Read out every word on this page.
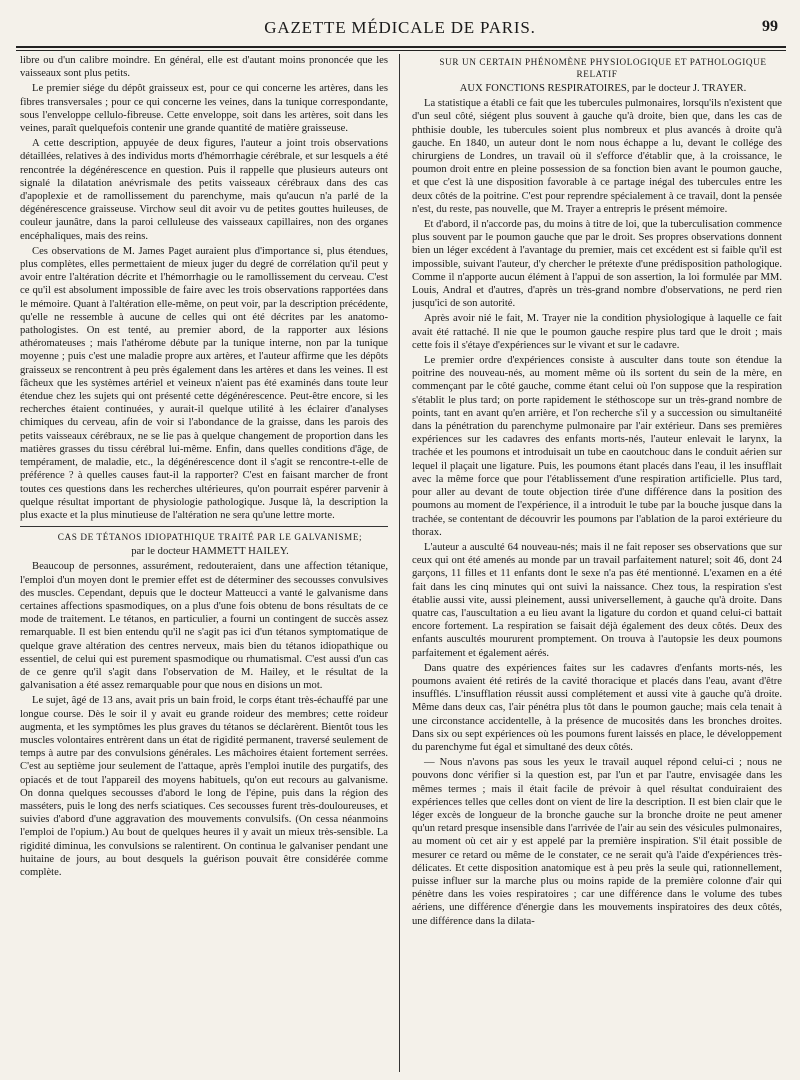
GAZETTE MÉDICALE DE PARIS.	99

libre ou d'un calibre moindre. En général, elle est d'autant moins prononcée que les vaisseaux sont plus petits.

Le premier siége du dépôt graisseux est, pour ce qui concerne les artères, dans les fibres transversales ; pour ce qui concerne les veines, dans la tunique correspondante, sous l'enveloppe cellulo-fibreuse. Cette enveloppe, soit dans les artères, soit dans les veines, paraît quelquefois contenir une grande quantité de matière graisseuse.

A cette description, appuyée de deux figures, l'auteur a joint trois observations détaillées, relatives à des individus morts d'hémorrhagie cérébrale, et sur lesquels a été rencontrée la dégénérescence en question. Puis il rappelle que plusieurs auteurs ont signalé la dilatation anévrismale des petits vaisseaux cérébraux dans des cas d'apoplexie et de ramollissement du parenchyme, mais qu'aucun n'a parlé de la dégénérescence graisseuse. Virchow seul dit avoir vu de petites gouttes huileuses, de couleur jaunâtre, dans la paroi celluleuse des vaisseaux capillaires, non des organes encéphaliques, mais des reins.

Ces observations de M. James Paget auraient plus d'importance si, plus étendues, plus complètes, elles permettaient de mieux juger du degré de corrélation qu'il peut y avoir entre l'altération décrite et l'hémorrhagie ou le ramollissement du cerveau. C'est ce qu'il est absolument impossible de faire avec les trois observations rapportées dans le mémoire. Quant à l'altération elle-même, on peut voir, par la description précédente, qu'elle ne ressemble à aucune de celles qui ont été décrites par les anatomo-pathologistes. On est tenté, au premier abord, de la rapporter aux lésions athéromateuses ; mais l'athérome débute par la tunique interne, non par la tunique moyenne ; puis c'est une maladie propre aux artères, et l'auteur affirme que les dépôts graisseux se rencontrent à peu près également dans les artères et dans les veines. Il est fâcheux que les systèmes artériel et veineux n'aient pas été examinés dans toute leur étendue chez les sujets qui ont présenté cette dégénérescence. Peut-être encore, si les recherches étaient continuées, y aurait-il quelque utilité à les éclairer d'analyses chimiques du cerveau, afin de voir si l'abondance de la graisse, dans les parois des petits vaisseaux cérébraux, ne se lie pas à quelque changement de proportion dans les matières grasses du tissu cérébral lui-même. Enfin, dans quelles conditions d'âge, de tempérament, de maladie, etc., la dégénérescence dont il s'agit se rencontre-t-elle de préférence ? à quelles causes faut-il la rapporter? C'est en faisant marcher de front toutes ces questions dans les recherches ultérieures, qu'on pourrait espérer parvenir à quelque résultat important de physiologie pathologique. Jusque là, la description la plus exacte et la plus minutieuse de l'altération ne sera qu'une lettre morte.

CAS DE TÉTANOS IDIOPATHIQUE TRAITÉ PAR LE GALVANISME;

par le docteur HAMMETT HAILEY.

Beaucoup de personnes, assurément, redouteraient, dans une affection tétanique, l'emploi d'un moyen dont le premier effet est de déterminer des secousses convulsives des muscles. Cependant, depuis que le docteur Matteucci a vanté le galvanisme dans certaines affections spasmodiques, on a plus d'une fois obtenu de bons résultats de ce mode de traitement. Le tétanos, en particulier, a fourni un contingent de succès assez remarquable. Il est bien entendu qu'il ne s'agit pas ici d'un tétanos symptomatique de quelque grave altération des centres nerveux, mais bien du tétanos idiopathique ou essentiel, de celui qui est purement spasmodique ou rhumatismal. C'est aussi d'un cas de ce genre qu'il s'agit dans l'observation de M. Hailey, et le résultat de la galvanisation a été assez remarquable pour que nous en disions un mot.

Le sujet, âgé de 13 ans, avait pris un bain froid, le corps étant très-échauffé par une longue course. Dès le soir il y avait eu grande roideur des membres; cette roideur augmenta, et les symptômes les plus graves du tétanos se déclarèrent. Bientôt tous les muscles volontaires entrèrent dans un état de rigidité permanent, traversé seulement de temps à autre par des convulsions générales. Les mâchoires étaient fortement serrées. C'est au septième jour seulement de l'attaque, après l'emploi inutile des purgatifs, des opiacés et de tout l'appareil des moyens habituels, qu'on eut recours au galvanisme. On donna quelques secousses d'abord le long de l'épine, puis dans la région des masséters, puis le long des nerfs sciatiques. Ces secousses furent très-douloureuses, et suivies d'abord d'une aggravation des mouvements convulsifs. (On cessa néanmoins l'emploi de l'opium.) Au bout de quelques heures il y avait un mieux très-sensible. La rigidité diminua, les convulsions se ralentirent. On continua le galvaniser pendant une huitaine de jours, au bout desquels la guérison pouvait être considérée comme complète.

SUR UN CERTAIN PHÉNOMÈNE PHYSIOLOGIQUE ET PATHOLOGIQUE RELATIF

AUX FONCTIONS RESPIRATOIRES, par le docteur J. TRAYER.

La statistique a établi ce fait que les tubercules pulmonaires, lorsqu'ils n'existent que d'un seul côté, siégent plus souvent à gauche qu'à droite, bien que, dans les cas de phthisie double, les tubercules soient plus nombreux et plus avancés à droite qu'à gauche. En 1840, un auteur dont le nom nous échappe a lu, devant le collége des chirurgiens de Londres, un travail où il s'efforce d'établir que, à la croissance, le poumon droit entre en pleine possession de sa fonction bien avant le poumon gauche, et que c'est là une disposition favorable à ce partage inégal des tubercules entre les deux côtés de la poitrine. C'est pour reprendre spécialement à ce travail, dont la pensée n'est, du reste, pas nouvelle, que M. Trayer a entrepris le présent mémoire.

Et d'abord, il n'accorde pas, du moins à titre de loi, que la tuberculisation commence plus souvent par le poumon gauche que par le droit. Ses propres observations donnent bien un léger excédent à l'avantage du premier, mais cet excédent est si faible qu'il est impossible, suivant l'auteur, d'y chercher le prétexte d'une prédisposition pathologique. Comme il n'apporte aucun élément à l'appui de son assertion, la loi formulée par MM. Louis, Andral et d'autres, d'après un très-grand nombre d'observations, ne perd rien jusqu'ici de son autorité.

Après avoir nié le fait, M. Trayer nie la condition physiologique à laquelle ce fait avait été rattaché. Il nie que le poumon gauche respire plus tard que le droit ; mais cette fois il s'étaye d'expériences sur le vivant et sur le cadavre.

Le premier ordre d'expériences consiste à ausculter dans toute son étendue la poitrine des nouveau-nés, au moment même où ils sortent du sein de la mère, en commençant par le côté gauche, comme étant celui où l'on suppose que la respiration s'établit le plus tard; on porte rapidement le stéthoscope sur un très-grand nombre de points, tant en avant qu'en arrière, et l'on recherche s'il y a succession ou simultanéité dans la pénétration du parenchyme pulmonaire par l'air extérieur. Dans ses premières expériences sur les cadavres des enfants morts-nés, l'auteur enlevait le larynx, la trachée et les poumons et introduisait un tube en caoutchouc dans le conduit aérien sur lequel il plaçait une ligature. Puis, les poumons étant placés dans l'eau, il les insufflait avec la même force que pour l'établissement d'une respiration artificielle. Plus tard, pour aller au devant de toute objection tirée d'une différence dans la position des poumons au moment de l'expérience, il a introduit le tube par la bouche jusque dans la trachée, se contentant de découvrir les poumons par l'ablation de la paroi extérieure du thorax.

L'auteur a ausculté 64 nouveau-nés; mais il ne fait reposer ses observations que sur ceux qui ont été amenés au monde par un travail parfaitement naturel; soit 46, dont 24 garçons, 11 filles et 11 enfants dont le sexe n'a pas été mentionné. L'examen en a été fait dans les cinq minutes qui ont suivi la naissance. Chez tous, la respiration s'est établie aussi vite, aussi pleinement, aussi universellement, à gauche qu'à droite. Dans quatre cas, l'auscultation a eu lieu avant la ligature du cordon et quand celui-ci battait encore fortement. La respiration se faisait déjà également des deux côtés. Deux des enfants auscultés moururent promptement. On trouva à l'autopsie les deux poumons parfaitement et également aérés.

Dans quatre des expériences faites sur les cadavres d'enfants morts-nés, les poumons avaient été retirés de la cavité thoracique et placés dans l'eau, avant d'être insufflés. L'insufflation réussit aussi complétement et aussi vite à gauche qu'à droite. Même dans deux cas, l'air pénétra plus tôt dans le poumon gauche; mais cela tenait à une circonstance accidentelle, à la présence de mucosités dans les bronches droites. Dans six ou sept expériences où les poumons furent laissés en place, le développement du parenchyme fut égal et simultané des deux côtés.

— Nous n'avons pas sous les yeux le travail auquel répond celui-ci ; nous ne pouvons donc vérifier si la question est, par l'un et par l'autre, envisagée dans les mêmes termes ; mais il était facile de prévoir à quel résultat conduiraient des expériences telles que celles dont on vient de lire la description. Il est bien clair que le léger excès de longueur de la bronche gauche sur la bronche droite ne peut amener qu'un retard presque insensible dans l'arrivée de l'air au sein des vésicules pulmonaires, au moment où cet air y est appelé par la première inspiration. S'il était possible de mesurer ce retard ou même de le constater, ce ne serait qu'à l'aide d'expériences très-délicates. Et cette disposition anatomique est à peu près la seule qui, rationnellement, puisse influer sur la marche plus ou moins rapide de la première colonne d'air qui pénètre dans les voies respiratoires ; car une différence dans le volume des tubes aériens, une différence d'énergie dans les mouvements inspiratoires des deux côtés, une différence dans la dilata-
